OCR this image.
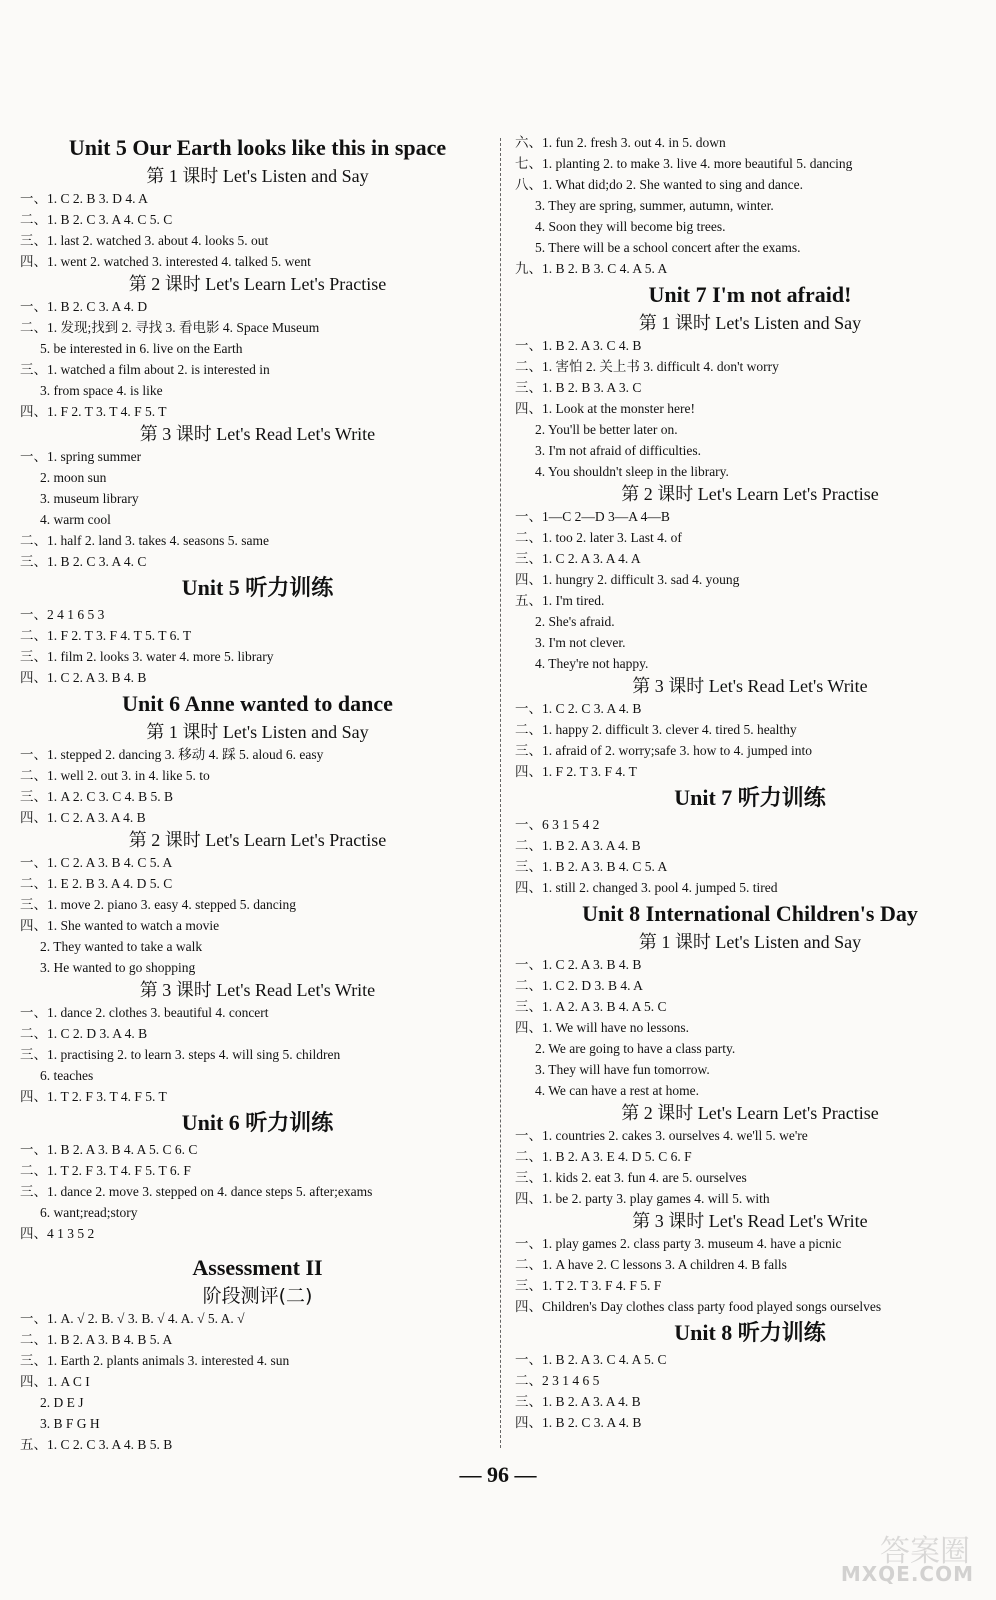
Unit 5 Our Earth looks like this in space
第 1 课时 Let's Listen and Say
一、1. C 2. B 3. D 4. A
二、1. B 2. C 3. A 4. C 5. C
三、1. last 2. watched 3. about 4. looks 5. out
四、1. went 2. watched 3. interested 4. talked 5. went
第 2 课时 Let's Learn Let's Practise
一、1. B 2. C 3. A 4. D
二、1. 发现;找到 2. 寻找 3. 看电影 4. Space Museum
5. be interested in 6. live on the Earth
三、1. watched a film about 2. is interested in
3. from space 4. is like
四、1. F 2. T 3. T 4. F 5. T
第 3 课时 Let's Read Let's Write
一、1. spring summer
2. moon sun
3. museum library
4. warm cool
二、1. half 2. land 3. takes 4. seasons 5. same
三、1. B 2. C 3. A 4. C
Unit 5 听力训练
一、2 4 1 6 5 3
二、1. F 2. T 3. F 4. T 5. T 6. T
三、1. film 2. looks 3. water 4. more 5. library
四、1. C 2. A 3. B 4. B
Unit 6 Anne wanted to dance
第 1 课时 Let's Listen and Say
一、1. stepped 2. dancing 3. 移动 4. 踩 5. aloud 6. easy
二、1. well 2. out 3. in 4. like 5. to
三、1. A 2. C 3. C 4. B 5. B
四、1. C 2. A 3. A 4. B
第 2 课时 Let's Learn Let's Practise
一、1. C 2. A 3. B 4. C 5. A
二、1. E 2. B 3. A 4. D 5. C
三、1. move 2. piano 3. easy 4. stepped 5. dancing
四、1. She wanted to watch a movie
2. They wanted to take a walk
3. He wanted to go shopping
第 3 课时 Let's Read Let's Write
一、1. dance 2. clothes 3. beautiful 4. concert
二、1. C 2. D 3. A 4. B
三、1. practising 2. to learn 3. steps 4. will sing 5. children
6. teaches
四、1. T 2. F 3. T 4. F 5. T
Unit 6 听力训练
一、1. B 2. A 3. B 4. A 5. C 6. C
二、1. T 2. F 3. T 4. F 5. T 6. F
三、1. dance 2. move 3. stepped on 4. dance steps 5. after;exams
6. want;read;story
四、4 1 3 5 2
Assessment II
阶段测评(二)
一、1. A. √ 2. B. √ 3. B. √ 4. A. √ 5. A. √
二、1. B 2. A 3. B 4. B 5. A
三、1. Earth 2. plants animals 3. interested 4. sun
四、1. A C I
2. D E J
3. B F G H
五、1. C 2. C 3. A 4. B 5. B
六、1. fun 2. fresh 3. out 4. in 5. down
七、1. planting 2. to make 3. live 4. more beautiful 5. dancing
八、1. What did;do 2. She wanted to sing and dance.
3. They are spring, summer, autumn, winter.
4. Soon they will become big trees.
5. There will be a school concert after the exams.
九、1. B 2. B 3. C 4. A 5. A
Unit 7 I'm not afraid!
第 1 课时 Let's Listen and Say
一、1. B 2. A 3. C 4. B
二、1. 害怕 2. 关上书 3. difficult 4. don't worry
三、1. B 2. B 3. A 3. C
四、1. Look at the monster here!
2. You'll be better later on.
3. I'm not afraid of difficulties.
4. You shouldn't sleep in the library.
第 2 课时 Let's Learn Let's Practise
一、1—C 2—D 3—A 4—B
二、1. too 2. later 3. Last 4. of
三、1. C 2. A 3. A 4. A
四、1. hungry 2. difficult 3. sad 4. young
五、1. I'm tired.
2. She's afraid.
3. I'm not clever.
4. They're not happy.
第 3 课时 Let's Read Let's Write
一、1. C 2. C 3. A 4. B
二、1. happy 2. difficult 3. clever 4. tired 5. healthy
三、1. afraid of 2. worry;safe 3. how to 4. jumped into
四、1. F 2. T 3. F 4. T
Unit 7 听力训练
一、6 3 1 5 4 2
二、1. B 2. A 3. A 4. B
三、1. B 2. A 3. B 4. C 5. A
四、1. still 2. changed 3. pool 4. jumped 5. tired
Unit 8 International Children's Day
第 1 课时 Let's Listen and Say
一、1. C 2. A 3. B 4. B
二、1. C 2. D 3. B 4. A
三、1. A 2. A 3. B 4. A 5. C
四、1. We will have no lessons.
2. We are going to have a class party.
3. They will have fun tomorrow.
4. We can have a rest at home.
第 2 课时 Let's Learn Let's Practise
一、1. countries 2. cakes 3. ourselves 4. we'll 5. we're
二、1. B 2. A 3. E 4. D 5. C 6. F
三、1. kids 2. eat 3. fun 4. are 5. ourselves
四、1. be 2. party 3. play games 4. will 5. with
第 3 课时 Let's Read Let's Write
一、1. play games 2. class party 3. museum 4. have a picnic
二、1. A have 2. C lessons 3. A children 4. B falls
三、1. T 2. T 3. F 4. F 5. F
四、Children's Day clothes class party food played songs ourselves
Unit 8 听力训练
一、1. B 2. A 3. C 4. A 5. C
二、2 3 1 4 6 5
三、1. B 2. A 3. A 4. B
四、1. B 2. C 3. A 4. B
— 96 —
答案圈
MXQE.COM
